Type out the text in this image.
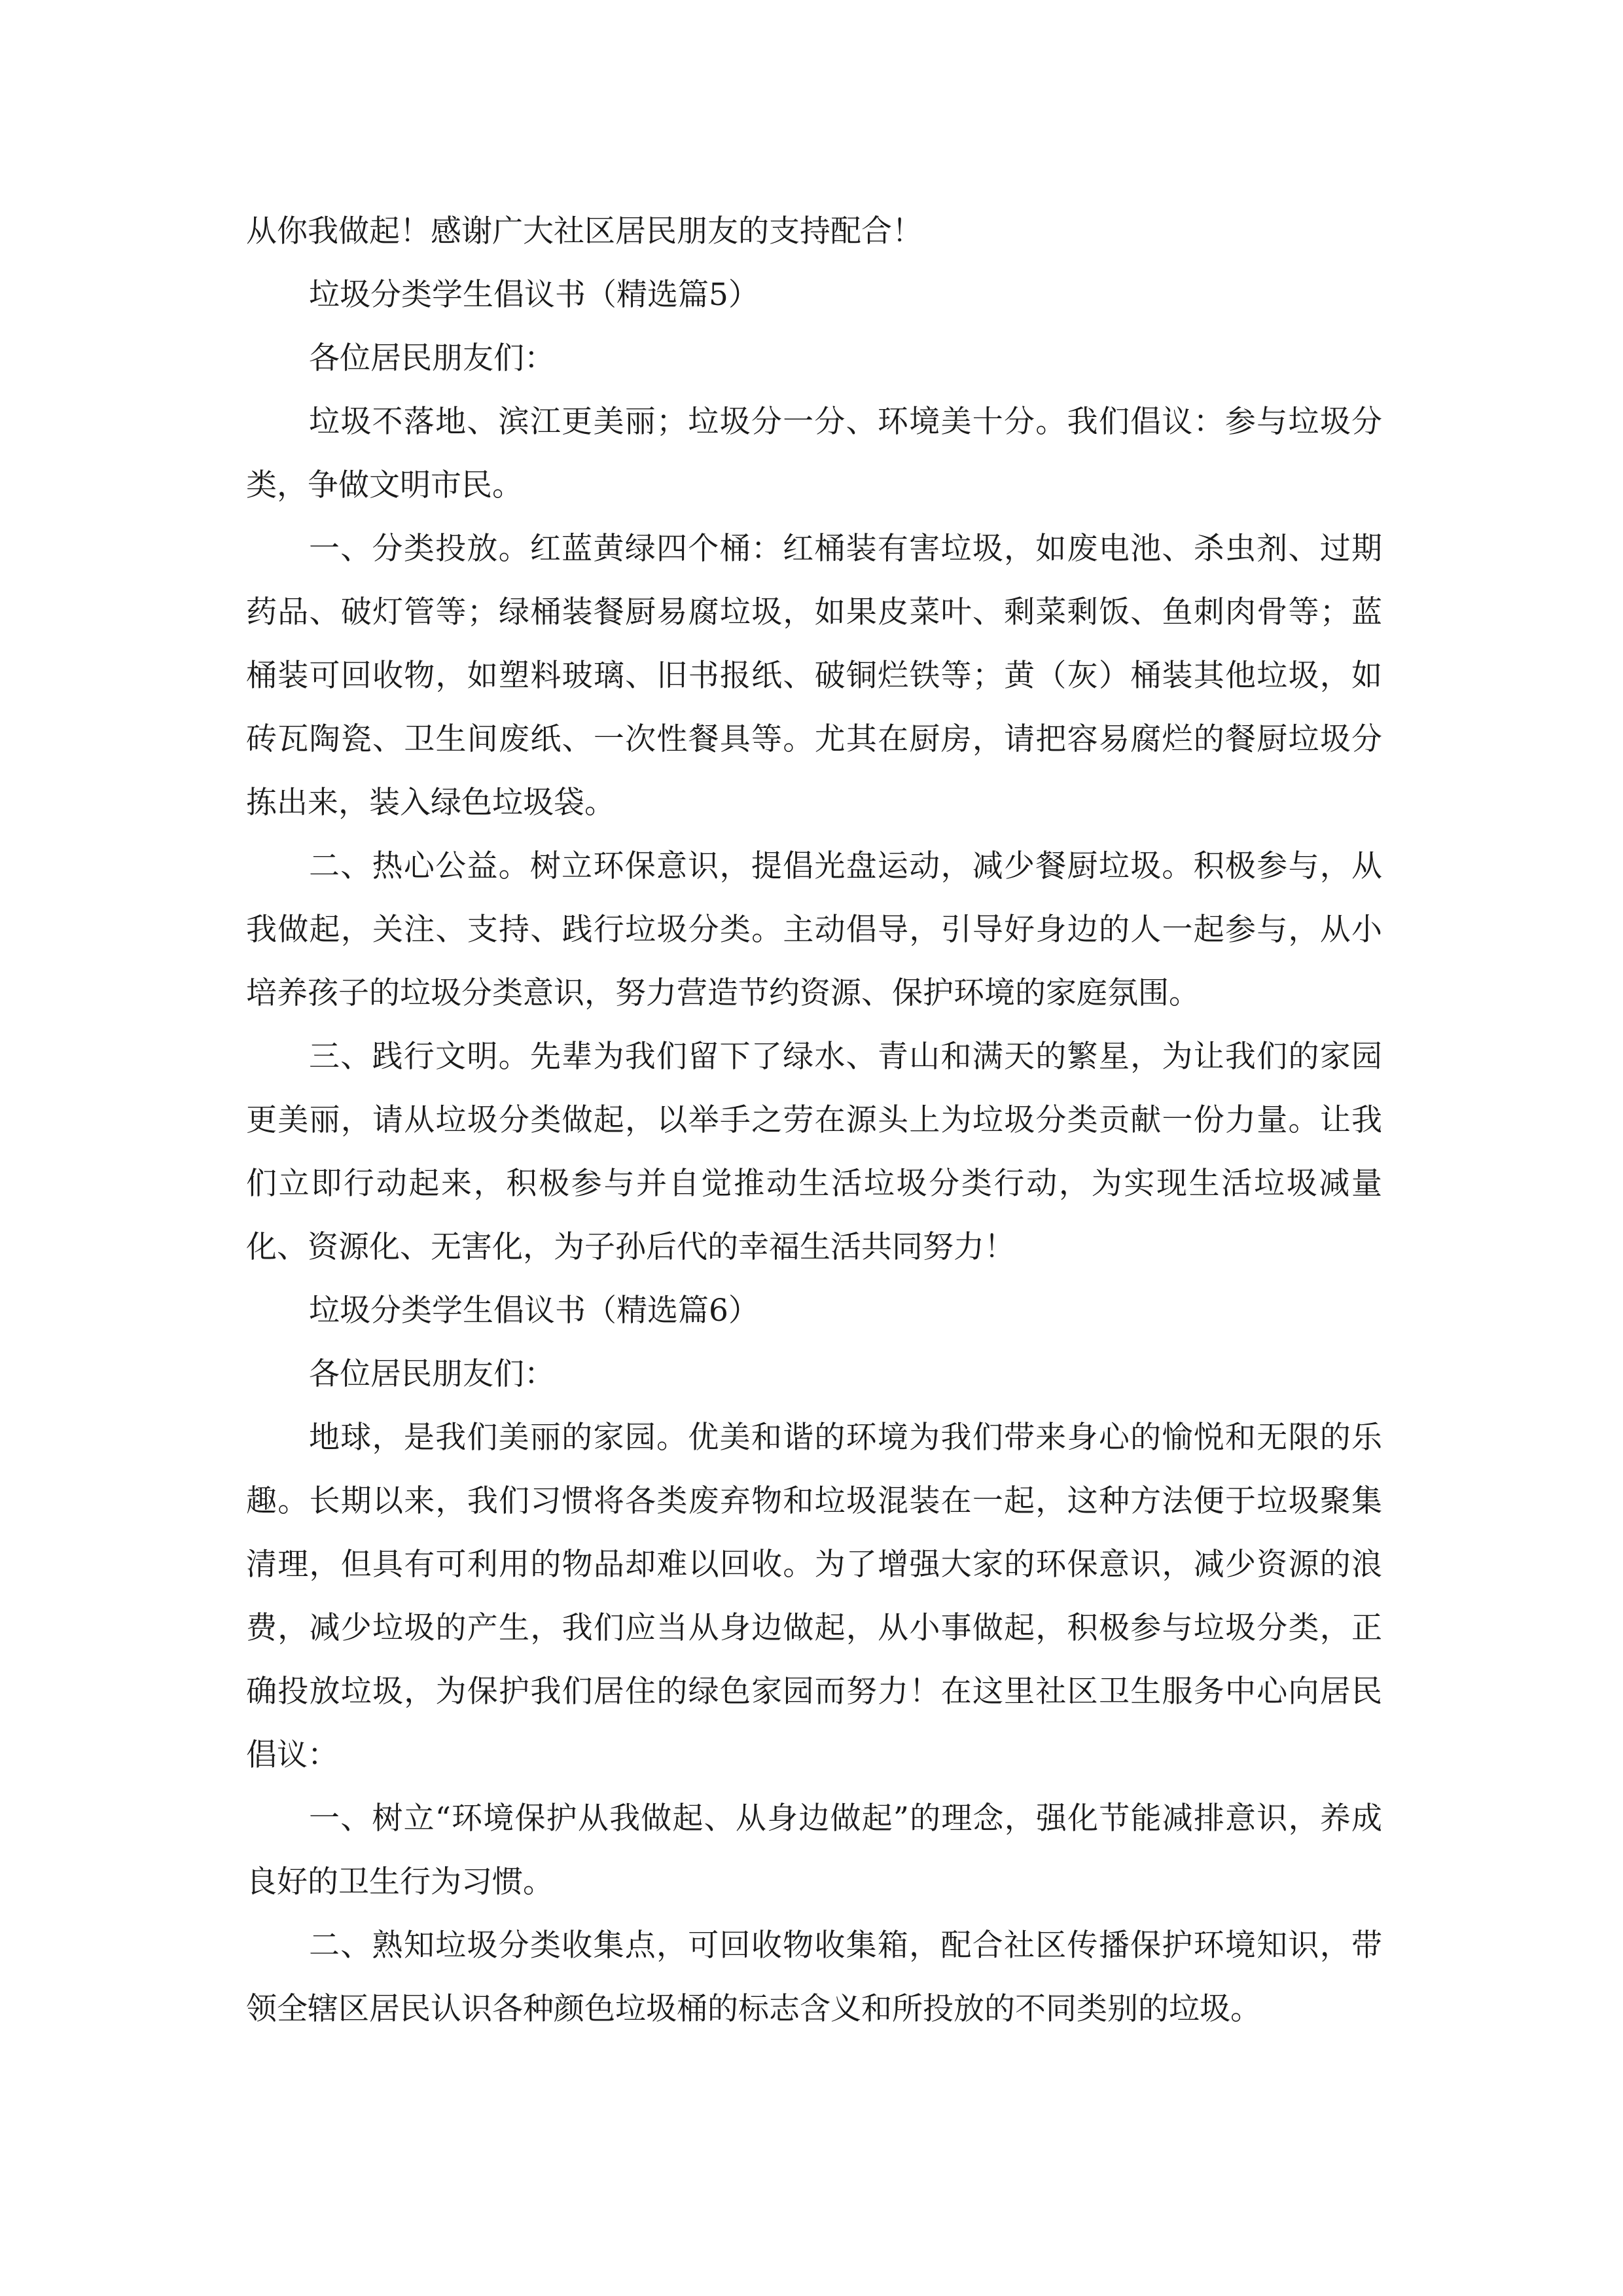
从你我做起！感谢广大社区居民朋友的支持配合！

垃圾分类学生倡议书（精选篇5）

各位居民朋友们：

垃圾不落地、滨江更美丽；垃圾分一分、环境美十分。我们倡议：参与垃圾分类，争做文明市民。

一、分类投放。红蓝黄绿四个桶：红桶装有害垃圾，如废电池、杀虫剂、过期药品、破灯管等；绿桶装餐厨易腐垃圾，如果皮菜叶、剩菜剩饭、鱼刺肉骨等；蓝桶装可回收物，如塑料玻璃、旧书报纸、破铜烂铁等；黄（灰）桶装其他垃圾，如砖瓦陶瓷、卫生间废纸、一次性餐具等。尤其在厨房，请把容易腐烂的餐厨垃圾分拣出来，装入绿色垃圾袋。

二、热心公益。树立环保意识，提倡光盘运动，减少餐厨垃圾。积极参与，从我做起，关注、支持、践行垃圾分类。主动倡导，引导好身边的人一起参与，从小培养孩子的垃圾分类意识，努力营造节约资源、保护环境的家庭氛围。

三、践行文明。先辈为我们留下了绿水、青山和满天的繁星，为让我们的家园更美丽，请从垃圾分类做起，以举手之劳在源头上为垃圾分类贡献一份力量。让我们立即行动起来，积极参与并自觉推动生活垃圾分类行动，为实现生活垃圾减量化、资源化、无害化，为子孙后代的幸福生活共同努力！

垃圾分类学生倡议书（精选篇6）

各位居民朋友们：

地球，是我们美丽的家园。优美和谐的环境为我们带来身心的愉悦和无限的乐趣。长期以来，我们习惯将各类废弃物和垃圾混装在一起，这种方法便于垃圾聚集清理，但具有可利用的物品却难以回收。为了增强大家的环保意识，减少资源的浪费，减少垃圾的产生，我们应当从身边做起，从小事做起，积极参与垃圾分类，正确投放垃圾，为保护我们居住的绿色家园而努力！在这里社区卫生服务中心向居民倡议：

一、树立“环境保护从我做起、从身边做起”的理念，强化节能减排意识，养成良好的卫生行为习惯。

二、熟知垃圾分类收集点，可回收物收集箱，配合社区传播保护环境知识，带领全辖区居民认识各种颜色垃圾桶的标志含义和所投放的不同类别的垃圾。
